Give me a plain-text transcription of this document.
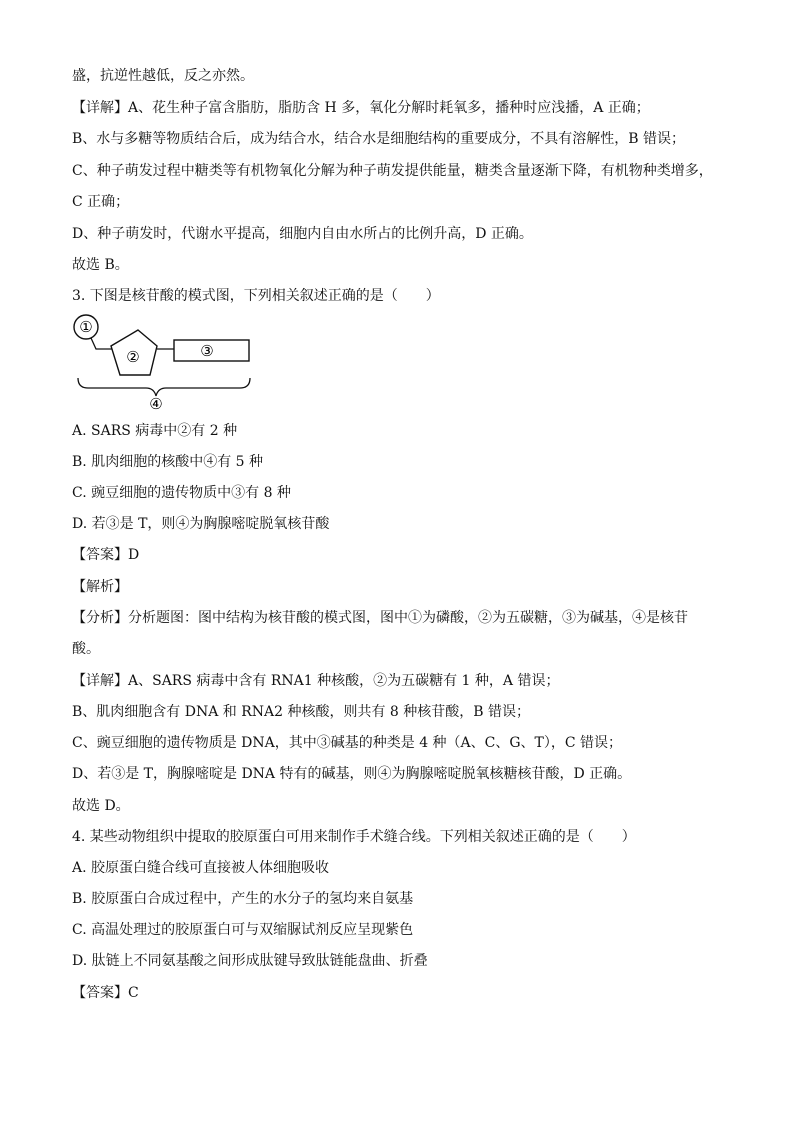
盛，抗逆性越低，反之亦然。
【详解】A、花生种子富含脂肪，脂肪含 H 多，氧化分解时耗氧多，播种时应浅播，A 正确；
B、水与多糖等物质结合后，成为结合水，结合水是细胞结构的重要成分，不具有溶解性，B 错误；
C、种子萌发过程中糖类等有机物氧化分解为种子萌发提供能量，糖类含量逐渐下降，有机物种类增多，
C 正确；
D、种子萌发时，代谢水平提高，细胞内自由水所占的比例升高，D 正确。
故选 B。
3. 下图是核苷酸的模式图，下列相关叙述正确的是（　　）
A. SARS 病毒中②有 2 种
B. 肌肉细胞的核酸中④有 5 种
C. 豌豆细胞的遗传物质中③有 8 种
D. 若③是 T，则④为胸腺嘧啶脱氧核苷酸
【答案】D
【解析】
【分析】分析题图：图中结构为核苷酸的模式图，图中①为磷酸，②为五碳糖，③为碱基，④是核苷
酸。
【详解】A、SARS 病毒中含有 RNA1 种核酸，②为五碳糖有 1 种，A 错误；
B、肌肉细胞含有 DNA 和 RNA2 种核酸，则共有 8 种核苷酸，B 错误；
C、豌豆细胞的遗传物质是 DNA，其中③碱基的种类是 4 种（A、C、G、T），C 错误；
D、若③是 T，胸腺嘧啶是 DNA 特有的碱基，则④为胸腺嘧啶脱氧核糖核苷酸，D 正确。
故选 D。
4. 某些动物组织中提取的胶原蛋白可用来制作手术缝合线。下列相关叙述正确的是（　　）
A. 胶原蛋白缝合线可直接被人体细胞吸收
B. 胶原蛋白合成过程中，产生的水分子的氢均来自氨基
C. 高温处理过的胶原蛋白可与双缩脲试剂反应呈现紫色
D. 肽链上不同氨基酸之间形成肽键导致肽链能盘曲、折叠
【答案】C
①
②	③
④
